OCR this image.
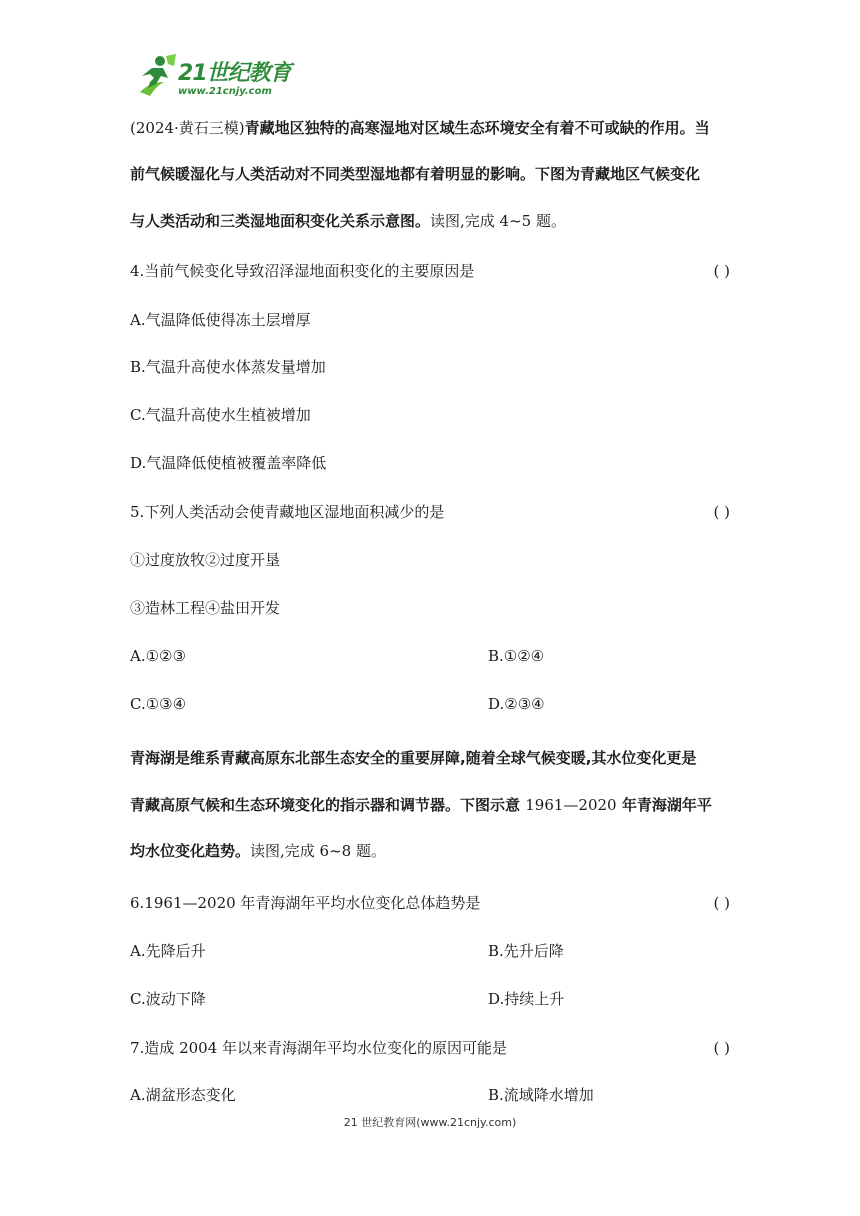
21世纪教育
www.21cnjy.com
(2024·黄石三模)青藏地区独特的高寒湿地对区域生态环境安全有着不可或缺的作用。当
前气候暖湿化与人类活动对不同类型湿地都有着明显的影响。下图为青藏地区气候变化
与人类活动和三类湿地面积变化关系示意图。读图,完成 4~5 题。
4.当前气候变化导致沼泽湿地面积变化的主要原因是	( )
A.气温降低使得冻土层增厚
B.气温升高使水体蒸发量增加
C.气温升高使水生植被增加
D.气温降低使植被覆盖率降低
5.下列人类活动会使青藏地区湿地面积减少的是	( )
①过度放牧②过度开垦
③造林工程④盐田开发
A.①②③	B.①②④
C.①③④	D.②③④
青海湖是维系青藏高原东北部生态安全的重要屏障,随着全球气候变暖,其水位变化更是
青藏高原气候和生态环境变化的指示器和调节器。下图示意 1961—2020 年青海湖年平
均水位变化趋势。读图,完成 6~8 题。
6.1961—2020 年青海湖年平均水位变化总体趋势是	( )
A.先降后升	B.先升后降
C.波动下降	D.持续上升
7.造成 2004 年以来青海湖年平均水位变化的原因可能是	( )
A.湖盆形态变化	B.流域降水增加
21 世纪教育网(www.21cnjy.com)
